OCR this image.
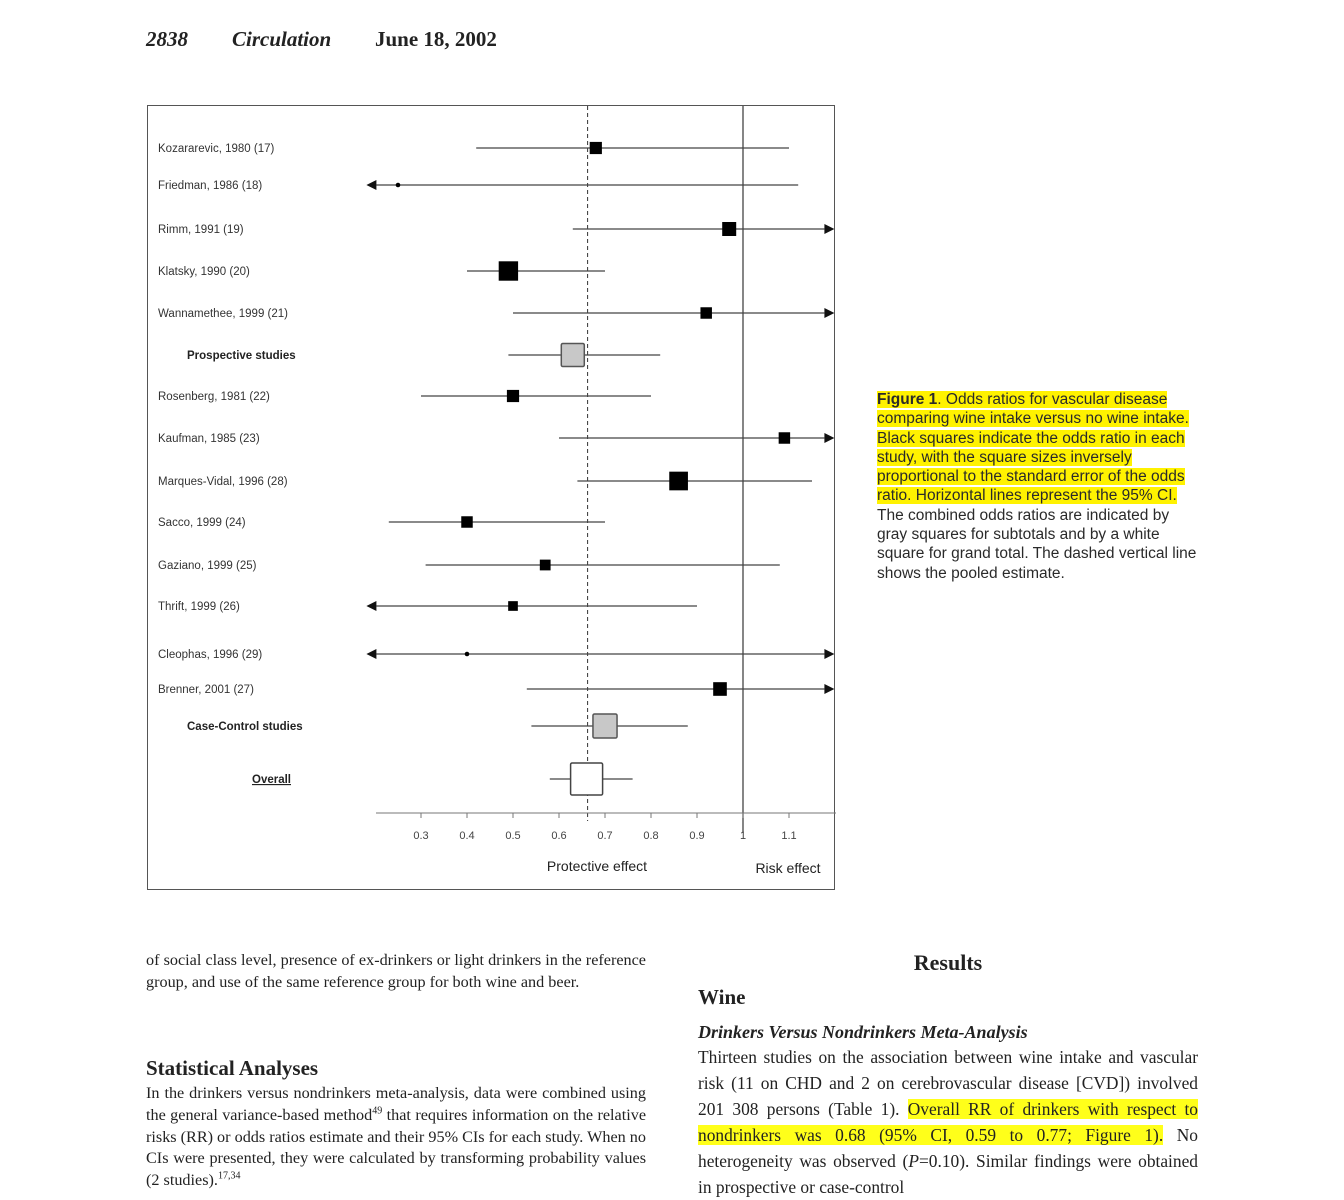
2838 Circulation June 18, 2002
0.3	0.4	0.5	0.6	0.7	0.8	0.9	1	1.1
Protective effect	Risk effect
Kozararevic, 1980 (17)
Friedman, 1986 (18)
Rimm, 1991 (19)
Klatsky, 1990 (20)
Wannamethee, 1999 (21)
Prospective studies
Rosenberg, 1981 (22)
Kaufman, 1985 (23)
Marques-Vidal, 1996 (28)
Sacco, 1999 (24)
Gaziano, 1999 (25)
Thrift, 1999 (26)
Cleophas, 1996 (29)
Brenner, 2001 (27)
Case-Control studies
Overall
Figure 1. Odds ratios for vascular disease comparing wine intake versus no wine intake. Black squares indicate the odds ratio in each study, with the square sizes inversely proportional to the standard error of the odds ratio. Horizontal lines represent the 95% CI. The combined odds ratios are indicated by gray squares for subtotals and by a white square for grand total. The dashed vertical line shows the pooled estimate.
of social class level, presence of ex-drinkers or light drinkers in the reference group, and use of the same reference group for both wine and beer.
Statistical Analyses
In the drinkers versus nondrinkers meta-analysis, data were combined using the general variance-based method$^{49}$ that requires information on the relative risks (RR) or odds ratios estimate and their 95% CIs for each study. When no CIs were presented, they were calculated by transforming probability values (2 studies).$^{17,34}$
Results
Wine
Drinkers Versus Nondrinkers Meta-Analysis
Thirteen studies on the association between wine intake and vascular risk (11 on CHD and 2 on cerebrovascular disease [CVD]) involved 201 308 persons (Table 1). Overall RR of drinkers with respect to nondrinkers was 0.68 (95% CI, 0.59 to 0.77; Figure 1). No heterogeneity was observed (P=0.10). Similar findings were obtained in prospective or case-control
